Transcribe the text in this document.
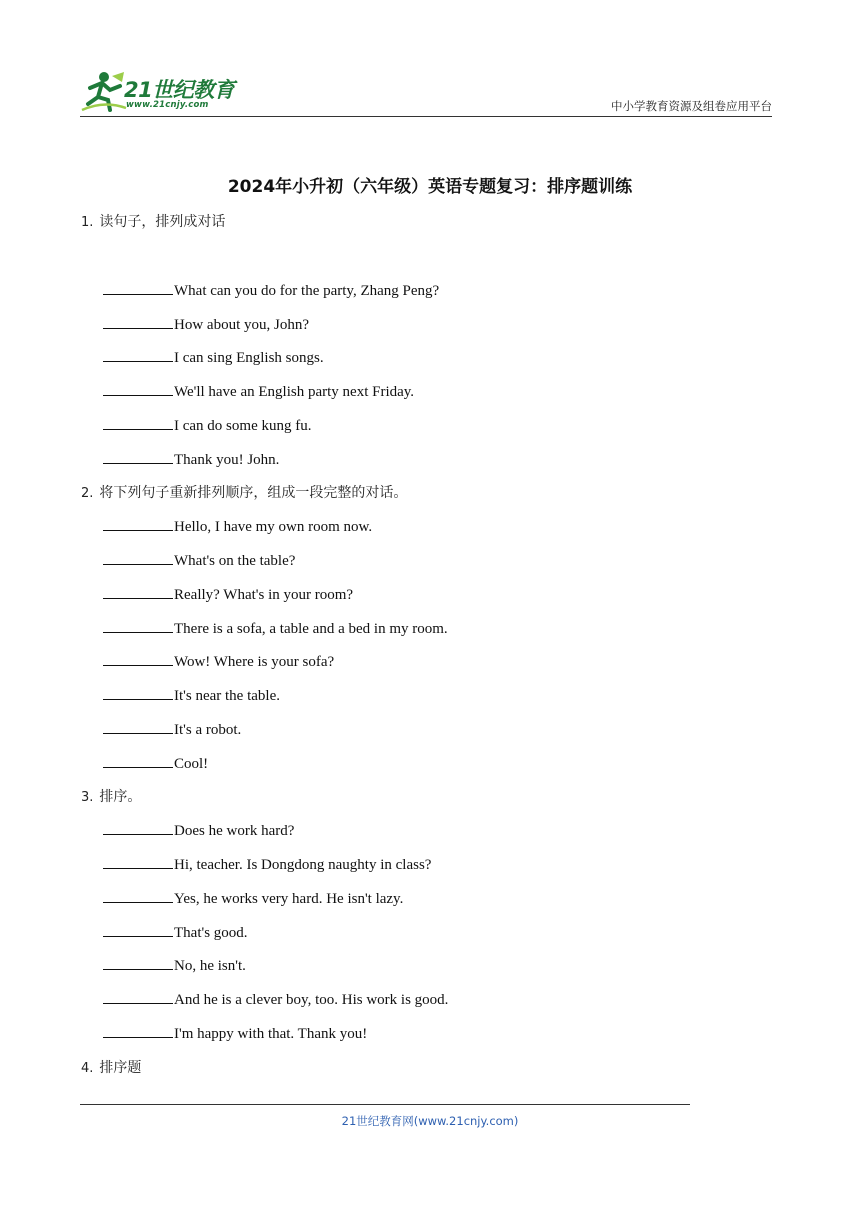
21世纪教育
www.21cnjy.com	中小学教育资源及组卷应用平台
2024年小升初（六年级）英语专题复习：排序题训练
1. 读句子，排列成对话
What can you do for the party, Zhang Peng?
How about you, John?
I can sing English songs.
We'll have an English party next Friday.
I can do some kung fu.
Thank you! John.
2. 将下列句子重新排列顺序，组成一段完整的对话。
Hello, I have my own room now.
What's on the table?
Really? What's in your room?
There is a sofa, a table and a bed in my room.
Wow! Where is your sofa?
It's near the table.
It's a robot.
Cool!
3. 排序。
Does he work hard?
Hi, teacher. Is Dongdong naughty in class?
Yes, he works very hard. He isn't lazy.
That's good.
No, he isn't.
And he is a clever boy, too. His work is good.
I'm happy with that. Thank you!
4. 排序题
21世纪教育网(www.21cnjy.com)
